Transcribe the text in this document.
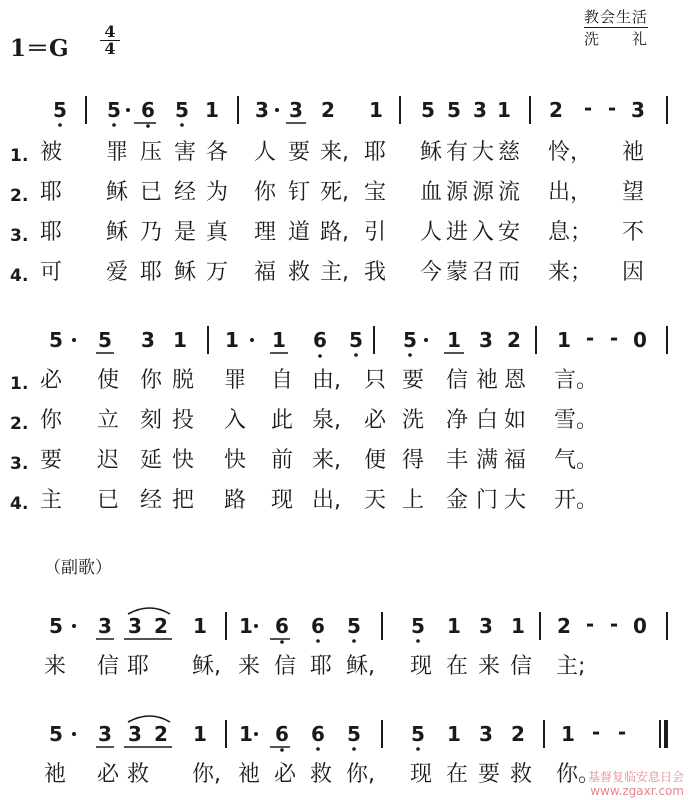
$1=G \frac{4}{4}$
教会生活
洗　　礼
5 5 6 5 1 3 3 2 1 5 5 3 1 2 - - 3
1 . 被 罪 压 害 各 人 要 来, 耶 稣 有 大 慈 怜， 祂
2 . 耶 稣 已 经 为 你 钉 死, 宝 血 源 源 流 出， 望
3 . 耶 稣 乃 是 真 理 道 路, 引 人 进 入 安 息； 不
4 . 可 爱 耶 稣 万 福 救 主, 我 今 蒙 召 而 来； 因
5 5 3 1 1 1 6 5 5 1 3 2 1 - - 0
1 . 必 使 你 脱 罪 自 由, 只 要 信 祂 恩 言。
2 . 你 立 刻 投 入 此 泉, 必 洗 净 白 如 雪。
3 . 要 迟 延 快 快 前 来, 便 得 丰 满 福 气。
4 . 主 已 经 把 路 现 出, 天 上 金 门 大 开。
（副歌）
5 3 3 2 1 1 6 6 5	5 1 3 1 2 - - 0
来 信 耶 稣, 来 信 耶 稣, 现 在 来 信 主;
5 3 3 2 1 1 6 6 5	5 1 3 2 1 - -
祂 必 救 你, 祂 必 救 你, 现 在 要 救 你。
基督复临安息日会
www.zgaxr.com
